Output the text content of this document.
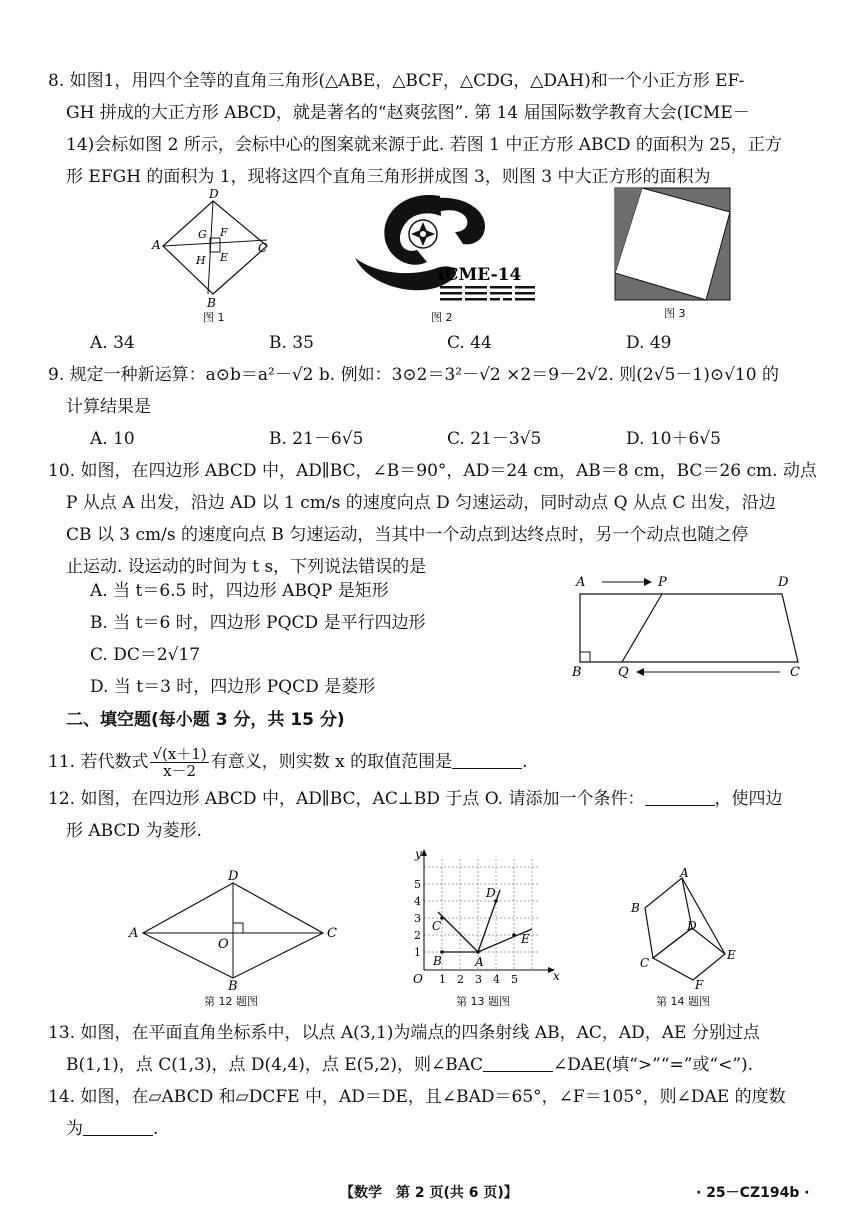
8. 如图1，用四个全等的直角三角形(△ABE，△BCF，△CDG，△DAH)和一个小正方形 EF-
GH 拼成的大正方形 ABCD，就是著名的“赵爽弦图”. 第 14 届国际数学教育大会(ICME－
14)会标如图 2 所示，会标中心的图案就来源于此. 若图 1 中正方形 ABCD 的面积为 25，正方
形 EFGH 的面积为 1，现将这四个直角三角形拼成图 3，则图 3 中大正方形的面积为
D
A	C
B
G F
H E
图 1
ICME-14
图 2	图 3
A. 34	B. 35	C. 44	D. 49
9. 规定一种新运算：a⊙b＝a²－√2 b. 例如：3⊙2＝3²－√2 ×2＝9－2√2. 则(2√5－1)⊙√10 的
计算结果是
A. 10	B. 21－6√5	C. 21－3√5	D. 10＋6√5
10. 如图，在四边形 ABCD 中，AD∥BC，∠B＝90°，AD＝24 cm，AB＝8 cm，BC＝26 cm. 动点
P 从点 A 出发，沿边 AD 以 1 cm/s 的速度向点 D 匀速运动，同时动点 Q 从点 C 出发，沿边
CB 以 3 cm/s 的速度向点 B 匀速运动，当其中一个动点到达终点时，另一个动点也随之停
止运动. 设运动的时间为 t s，下列说法错误的是
A. 当 t＝6.5 时，四边形 ABQP 是矩形
B. 当 t＝6 时，四边形 PQCD 是平行四边形
C. DC＝2√17
D. 当 t＝3 时，四边形 PQCD 是菱形
A	P	D
B	Q	C
二、填空题(每小题 3 分，共 15 分)
11. 若代数式 $\frac{√(x+1)}{x-2}$ 有意义，则实数 x 的取值范围是	.
12. 如图，在四边形 ABCD 中，AD∥BC，AC⊥BD 于点 O. 请添加一个条件：	，使四边
形 ABCD 为菱形.
A
D
C
B
O
第 12 题图
y
x
O 1 2 3 4 5
1
2
3
4
5
B
C
D
E
A
第 13 题图
A
B
D
C
E
F
第 14 题图
13. 如图，在平面直角坐标系中，以点 A(3,1)为端点的四条射线 AB，AC，AD，AE 分别过点
B(1,1)，点 C(1,3)，点 D(4,4)，点 E(5,2)，则∠BAC	∠DAE(填“>”“=”或“<”).
14. 如图，在▱ABCD 和▱DCFE 中，AD＝DE，且∠BAD＝65°，∠F＝105°，则∠DAE 的度数
为	.
【数学　第 2 页(共 6 页)】	· 25－CZ194b ·
